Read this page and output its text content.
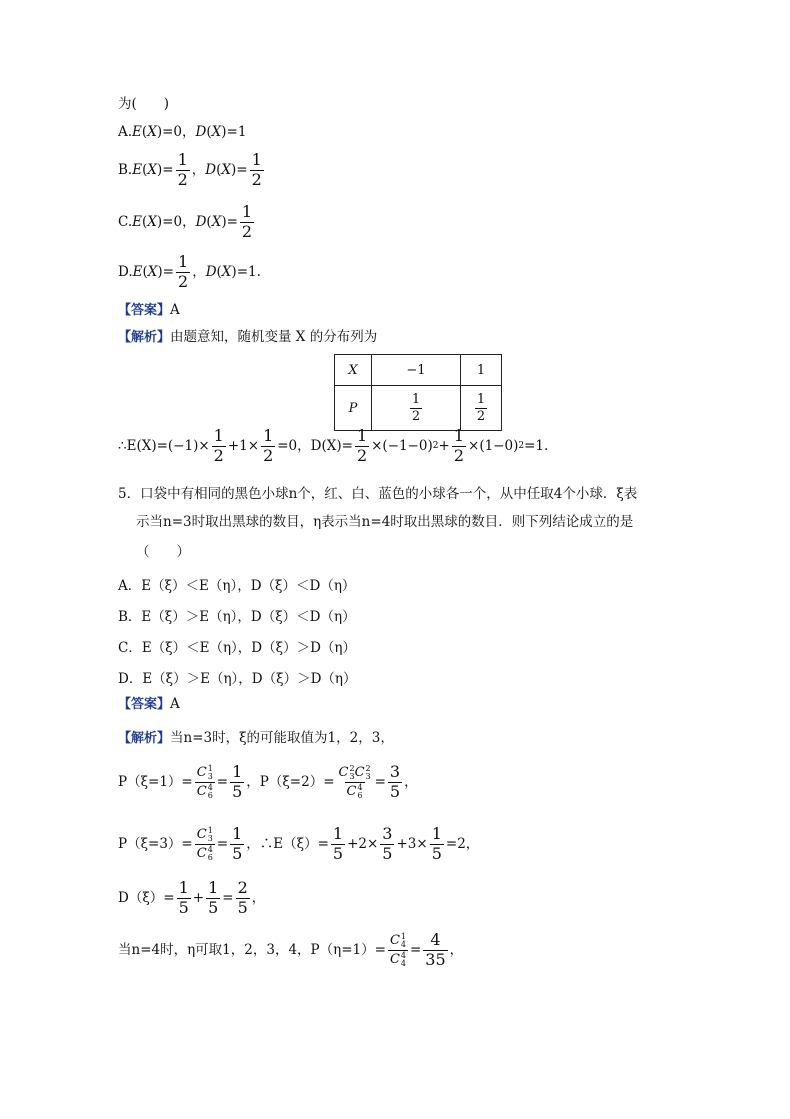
为(　　)
A. E ( X )= 0 ， D ( X )= 1
B. E ( X )= $\frac{1}{2}$ ， D ( X )= $\frac{1}{2}$
C. E ( X )= 0 ， D ( X )= $\frac{1}{2}$
D. E ( X )= $\frac{1}{2}$ ， D ( X )= 1.
【答案】 A
【解析】 由题意知，随机变量 X 的分布列为
X	−1	1
P	$\frac{1}{2}$	$\frac{1}{2}$
∴ $E(X)=(-1)\times \frac{1}{2} +1\times \frac{1}{2} =0$，$D(X)= \frac{1}{2} \times(-1-0) 2 + \frac{1}{2} \times(1-0)$ 2 =1.
5．口袋中有相同的黑色小球n个，红、白、蓝色的小球各一个，从中任取4个小球．ξ表
示当n=3时取出黑球的数目，η表示当n=4时取出黑球的数目．则下列结论成立的是
（　　）
A．E（ξ）＜E（η），D（ξ）＜D（η）
B．E（ξ）＞E（η），D（ξ）＜D（η）
C．E（ξ）＜E（η），D（ξ）＞D（η）
D．E（ξ）＞E（η），D（ξ）＞D（η）
【答案】 A
【解析】 当n=3时，ξ的可能取值为1，2，3，
P（ξ=1）= C 1
3
C 4
$6 = \frac{1}{5}$ ，P（ξ=2）= C 2
3 C 2
3
C 4
$6 = \frac{3}{5}$ ，
P（ξ=3）= C 1
3
C 4
$6 = \frac{1}{5}$ ，∴E（ξ）= $\frac{1}{5} +2\times \frac{3}{5} +3\times \frac{1}{5} =2$，
$D(\xi)= \frac{1}{5} + \frac{1}{5} = \frac{2}{5}$ ，
当n=4时，η可取1，2，3，4，P（η=1）= C 1
4
C 4
$4 = \frac{4}{35}$ ，
